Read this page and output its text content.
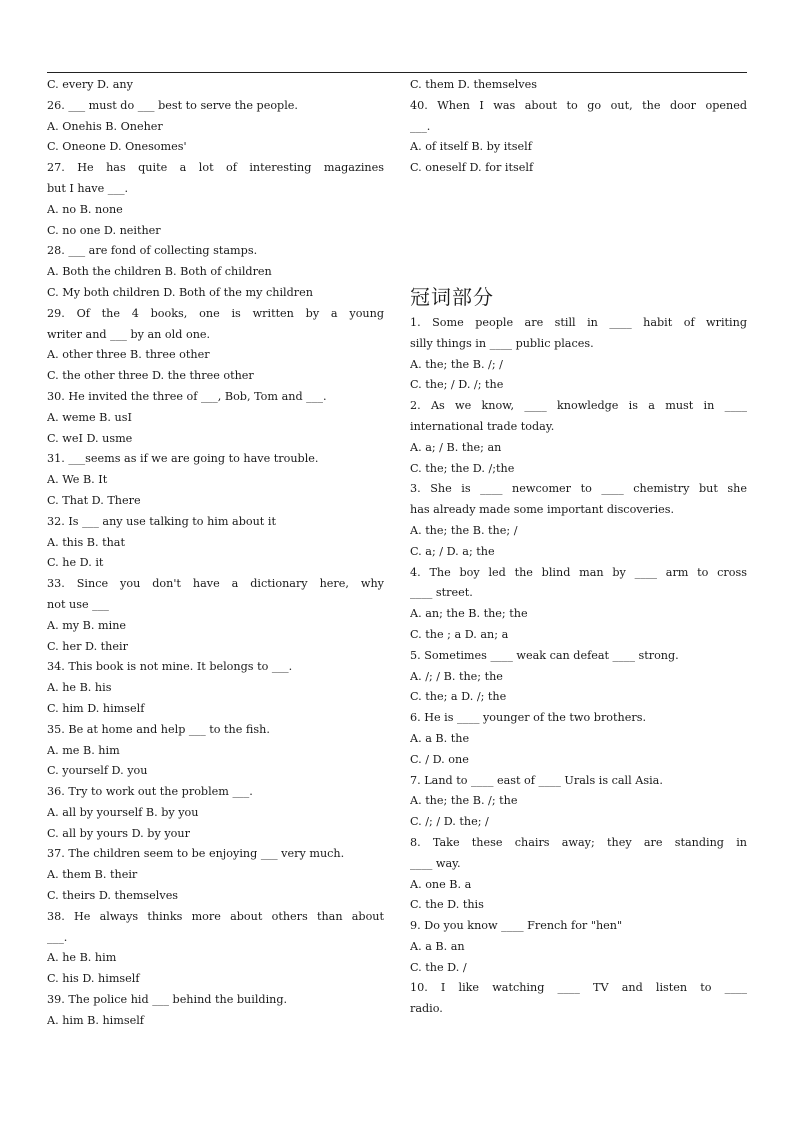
C. every D. any
26. ___ must do ___ best to serve the people.
A. Onehis B. Oneher
C. Oneone D. Onesomes'
27. He has quite a lot of interesting magazines
but I have ___.
A. no B. none
C. no one D. neither
28. ___ are fond of collecting stamps.
A. Both the children B. Both of children
C. My both children D. Both of the my children
29. Of the 4 books, one is written by a young
writer and ___ by an old one.
A. other three B. three other
C. the other three D. the three other
30. He invited the three of ___, Bob, Tom and ___.
A. weme B. usI
C. weI D. usme
31. ___seems as if we are going to have trouble.
A. We B. It
C. That D. There
32. Is ___ any use talking to him about it
A. this B. that
C. he D. it
33. Since you don't have a dictionary here, why
not use ___
A. my B. mine
C. her D. their
34. This book is not mine. It belongs to ___.
A. he B. his
C. him D. himself
35. Be at home and help ___ to the fish.
A. me B. him
C. yourself D. you
36. Try to work out the problem ___.
A. all by yourself B. by you
C. all by yours D. by your
37. The children seem to be enjoying ___ very much.
A. them B. their
C. theirs D. themselves
38. He always thinks more about others than about
___.
A. he B. him
C. his D. himself
39. The police hid ___ behind the building.
A. him B. himself
C. them D. themselves
40. When I was about to go out, the door opened
___.
A. of itself B. by itself
C. oneself D. for itself
冠词部分
1. Some people are still in ____ habit of writing
silly things in ____ public places.
A. the; the B. /; /
C. the; / D. /; the
2. As we know, ____ knowledge is a must in ____
international trade today.
A. a; / B. the; an
C. the; the D. /;the
3. She is ____ newcomer to ____ chemistry but she
has already made some important discoveries.
A. the; the B. the; /
C. a; / D. a; the
4. The boy led the blind man by ____ arm to cross
____ street.
A. an; the B. the; the
C. the ; a D. an; a
5. Sometimes ____ weak can defeat ____ strong.
A. /; / B. the; the
C. the; a D. /; the
6. He is ____ younger of the two brothers.
A. a B. the
C. / D. one
7. Land to ____ east of ____ Urals is call Asia.
A. the; the B. /; the
C. /; / D. the; /
8. Take these chairs away; they are standing in
____ way.
A. one B. a
C. the D. this
9. Do you know ____ French for "hen"
A. a B. an
C. the D. /
10. I like watching ____ TV and listen to ____
radio.
